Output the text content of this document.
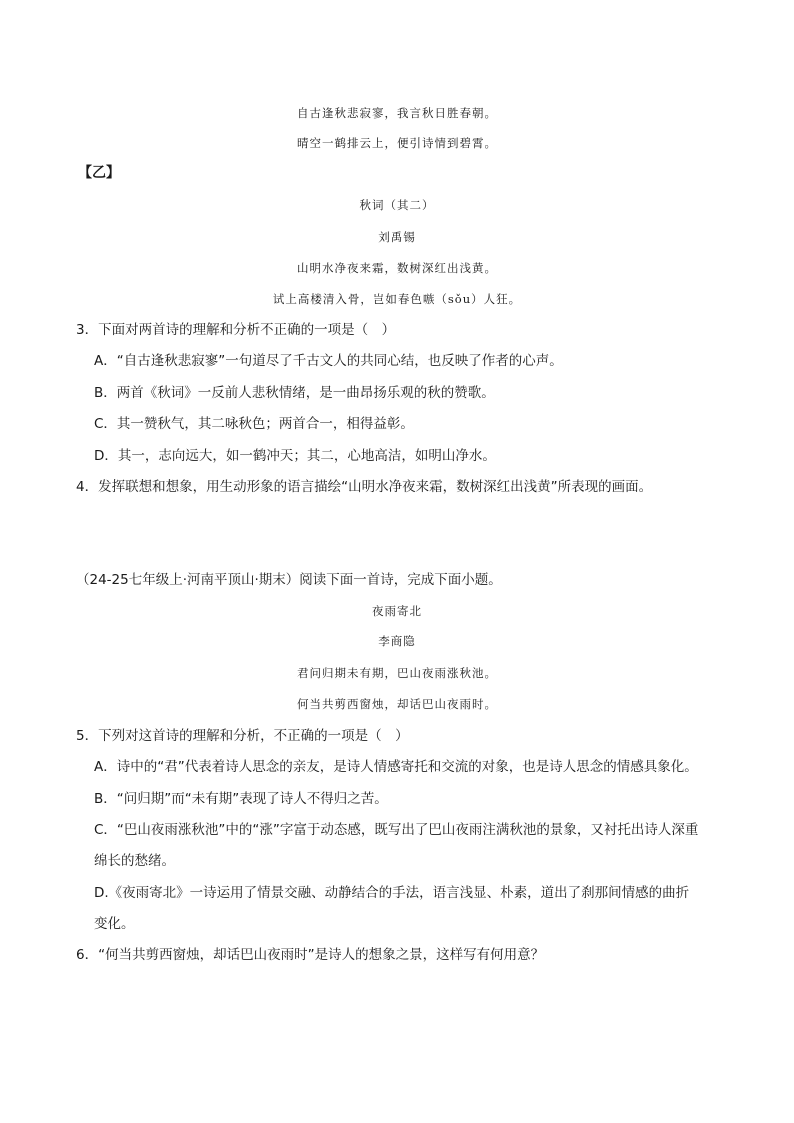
自古逢秋悲寂寥，我言秋日胜春朝。
晴空一鹤排云上，便引诗情到碧霄。
【乙】
秋词（其二）
刘禹锡
山明水净夜来霜，数树深红出浅黄。
试上高楼清入骨，岂如春色嗾（sǒu）人狂。
3．下面对两首诗的理解和分析不正确的一项是（　）
A．“自古逢秋悲寂寥”一句道尽了千古文人的共同心结，也反映了作者的心声。
B．两首《秋词》一反前人悲秋情绪，是一曲昂扬乐观的秋的赞歌。
C．其一赞秋气，其二咏秋色；两首合一，相得益彰。
D．其一，志向远大，如一鹤冲天；其二，心地高洁，如明山净水。
4．发挥联想和想象，用生动形象的语言描绘“山明水净夜来霜，数树深红出浅黄”所表现的画面。
（24-25七年级上·河南平顶山·期末）阅读下面一首诗，完成下面小题。
夜雨寄北
李商隐
君问归期未有期，巴山夜雨涨秋池。
何当共剪西窗烛，却话巴山夜雨时。
5．下列对这首诗的理解和分析，不正确的一项是（　）
A．诗中的“君”代表着诗人思念的亲友，是诗人情感寄托和交流的对象，也是诗人思念的情感具象化。
B．“问归期”而“未有期”表现了诗人不得归之苦。
C．“巴山夜雨涨秋池”中的“涨”字富于动态感，既写出了巴山夜雨注满秋池的景象，又衬托出诗人深重
绵长的愁绪。
D.《夜雨寄北》一诗运用了情景交融、动静结合的手法，语言浅显、朴素，道出了刹那间情感的曲折
变化。
6．“何当共剪西窗烛，却话巴山夜雨时”是诗人的想象之景，这样写有何用意？
